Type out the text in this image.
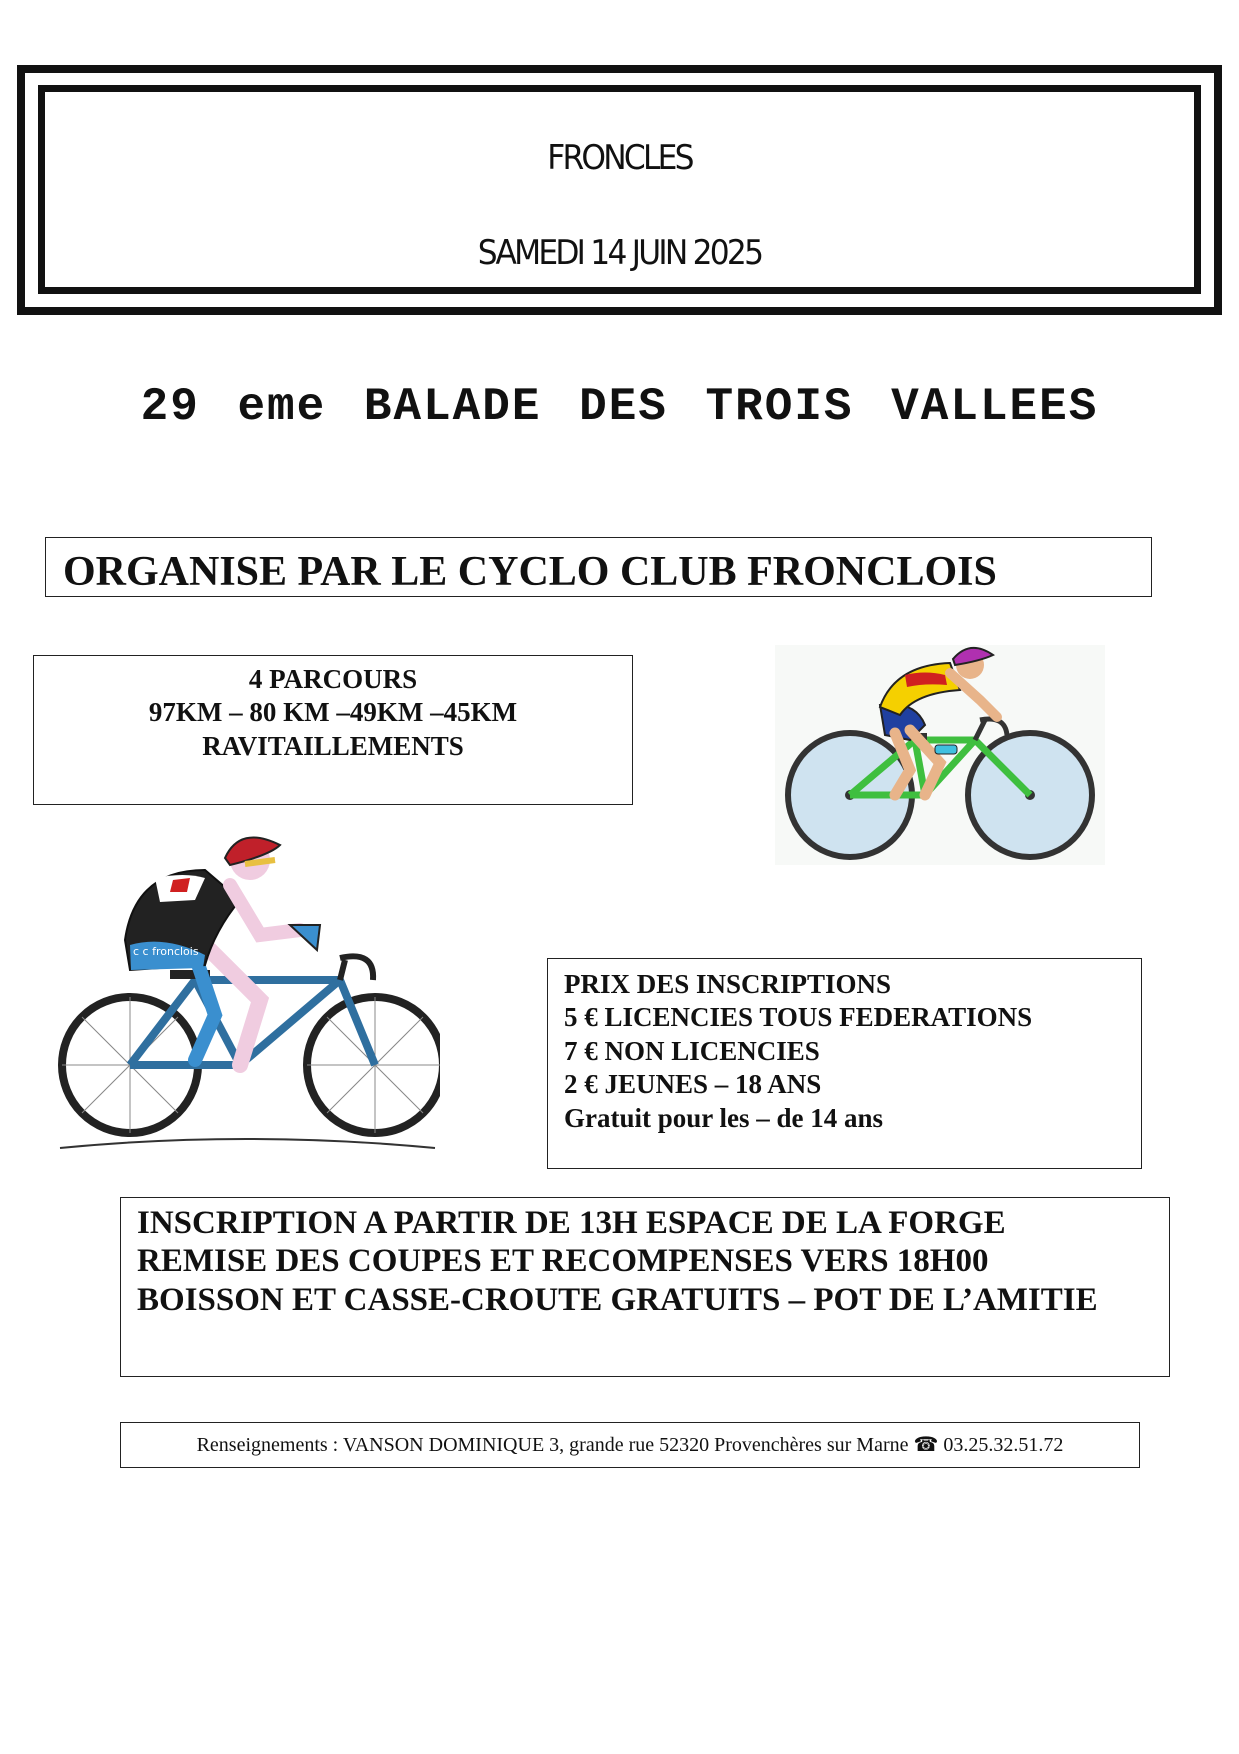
FRONCLES
SAMEDI 14 JUIN 2025
29 eme BALADE DES TROIS VALLEES
ORGANISE PAR LE CYCLO CLUB FRONCLOIS
4 PARCOURS
97KM – 80 KM –49KM –45KM
RAVITAILLEMENTS
c c fronclois
PRIX DES INSCRIPTIONS
5 € LICENCIES TOUS FEDERATIONS
7 € NON LICENCIES
2 € JEUNES – 18 ANS
Gratuit pour les – de 14 ans
INSCRIPTION A PARTIR DE 13H ESPACE DE LA FORGE
REMISE DES COUPES ET RECOMPENSES VERS 18H00
BOISSON ET CASSE-CROUTE GRATUITS – POT DE L’AMITIE
Renseignements : VANSON DOMINIQUE 3, grande rue 52320 Provenchères sur Marne ☎ 03.25.32.51.72
